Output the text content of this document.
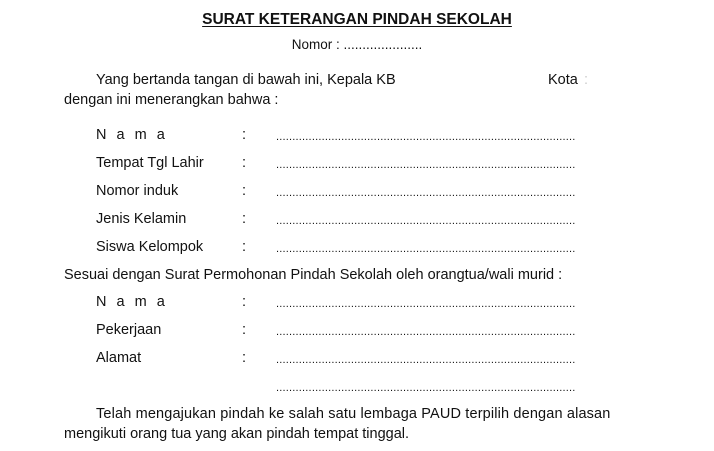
SURAT KETERANGAN PINDAH SEKOLAH
Nomor : .....................
Yang bertanda tangan di bawah ini, Kepala KB	Kota :
dengan ini menerangkan bahwa :
N a m a	:	............................................................................................
Tempat Tgl Lahir	:	............................................................................................
Nomor induk	:	............................................................................................
Jenis Kelamin	:	............................................................................................
Siswa Kelompok	:	............................................................................................
Sesuai dengan Surat Permohonan Pindah Sekolah oleh orangtua/wali murid :
N a m a	:	............................................................................................
Pekerjaan	:	............................................................................................
Alamat	:	............................................................................................
............................................................................................
Telah mengajukan pindah ke salah satu lembaga PAUD terpilih dengan alasan
mengikuti orang tua yang akan pindah tempat tinggal.
